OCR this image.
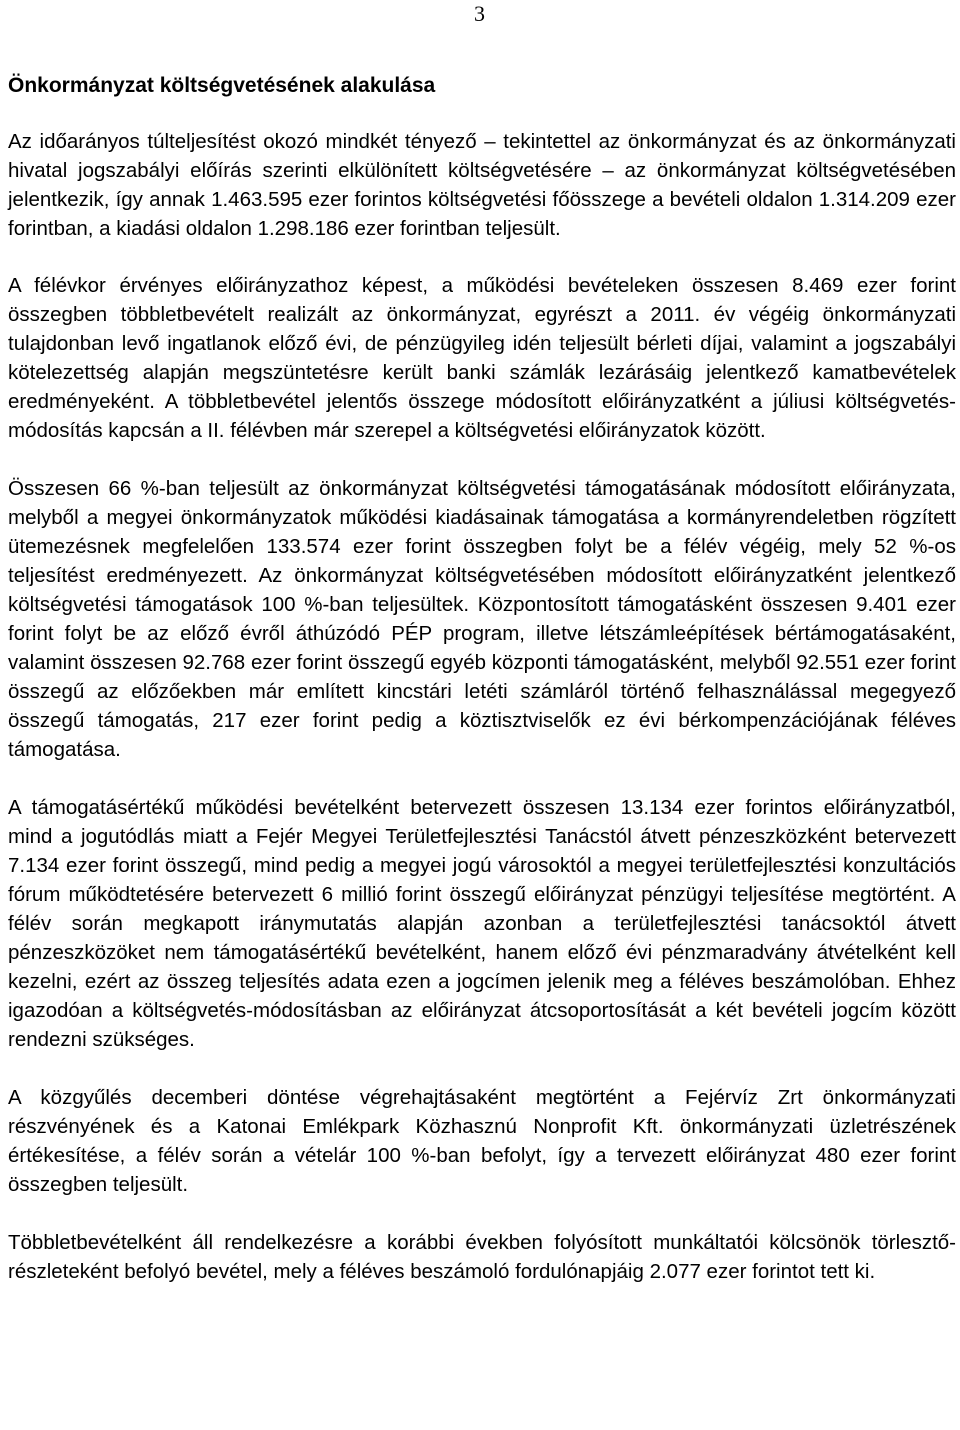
3
Önkormányzat költségvetésének alakulása

Az időarányos túlteljesítést okozó mindkét tényező – tekintettel az önkormányzat és az önkormányzati hivatal jogszabályi előírás szerinti elkülönített költségvetésére – az önkormányzat költségvetésében jelentkezik, így annak 1.463.595 ezer forintos költségvetési főösszege a bevételi oldalon 1.314.209 ezer forintban, a kiadási oldalon 1.298.186 ezer forintban teljesült.

A félévkor érvényes előirányzathoz képest, a működési bevételeken összesen 8.469 ezer forint összegben többletbevételt realizált az önkormányzat, egyrészt a 2011. év végéig önkormányzati tulajdonban levő ingatlanok előző évi, de pénzügyileg idén teljesült bérleti díjai, valamint a jogszabályi kötelezettség alapján megszüntetésre került banki számlák lezárásáig jelentkező kamatbevételek eredményeként. A többletbevétel jelentős összege módosított előirányzatként a júliusi költségvetés-módosítás kapcsán a II. félévben már szerepel a költségvetési előirányzatok között.

Összesen 66 %-ban teljesült az önkormányzat költségvetési támogatásának módosított előirányzata, melyből a megyei önkormányzatok működési kiadásainak támogatása a kormányrendeletben rögzített ütemezésnek megfelelően 133.574 ezer forint összegben folyt be a félév végéig, mely 52 %-os teljesítést eredményezett. Az önkormányzat költségvetésében módosított előirányzatként jelentkező költségvetési támogatások 100 %-ban teljesültek. Központosított támogatásként összesen 9.401 ezer forint folyt be az előző évről áthúzódó PÉP program, illetve létszámleépítések bértámogatásaként, valamint összesen 92.768 ezer forint összegű egyéb központi támogatásként, melyből 92.551 ezer forint összegű az előzőekben már említett kincstári letéti számláról történő felhasználással megegyező összegű támogatás, 217 ezer forint pedig a köztisztviselők ez évi bérkompenzációjának féléves támogatása.

A támogatásértékű működési bevételként betervezett összesen 13.134 ezer forintos előirányzatból, mind a jogutódlás miatt a Fejér Megyei Területfejlesztési Tanácstól átvett pénzeszközként betervezett 7.134 ezer forint összegű, mind pedig a megyei jogú városoktól a megyei területfejlesztési konzultációs fórum működtetésére betervezett 6 millió forint összegű előirányzat pénzügyi teljesítése megtörtént. A félév során megkapott iránymutatás alapján azonban a területfejlesztési tanácsoktól átvett pénzeszközöket nem támogatásértékű bevételként, hanem előző évi pénzmaradvány átvételként kell kezelni, ezért az összeg teljesítés adata ezen a jogcímen jelenik meg a féléves beszámolóban. Ehhez igazodóan a költségvetés-módosításban az előirányzat átcsoportosítását a két bevételi jogcím között rendezni szükséges.

A közgyűlés decemberi döntése végrehajtásaként megtörtént a Fejérvíz Zrt önkormányzati részvényének és a Katonai Emlékpark Közhasznú Nonprofit Kft. önkormányzati üzletrészének értékesítése, a félév során a vételár 100 %-ban befolyt, így a tervezett előirányzat 480 ezer forint összegben teljesült.

Többletbevételként áll rendelkezésre a korábbi években folyósított munkáltatói kölcsönök törlesztő-részleteként befolyó bevétel, mely a féléves beszámoló fordulónapjáig 2.077 ezer forintot tett ki.
